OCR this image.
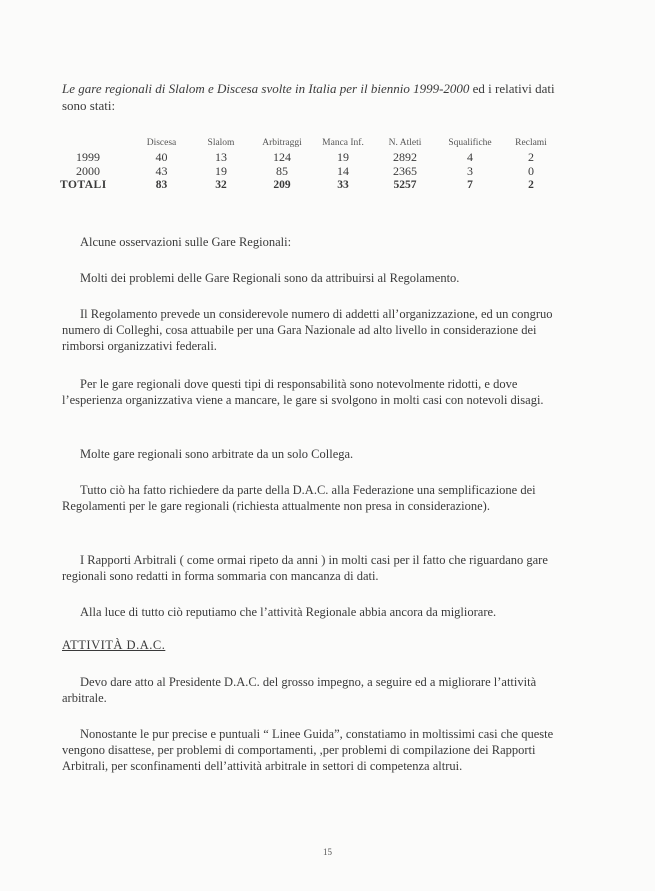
Le gare regionali di Slalom e Discesa svolte in Italia per il biennio 1999-2000 ed i relativi dati sono stati:
	Discesa	Slalom	Arbitraggi	Manca Inf.	N. Atleti	Squalifiche	Reclami
1999	40	13	124	19	2892	4	2
2000	43	19	85	14	2365	3	0
TOTALI	83	32	209	33	5257	7	2
Alcune osservazioni sulle Gare Regionali:
Molti dei problemi delle Gare Regionali sono da attribuirsi al Regolamento.
Il Regolamento prevede un considerevole numero di addetti all’organizzazione, ed un congruo numero di Colleghi, cosa attuabile per una Gara Nazionale ad alto livello in considerazione dei rimborsi organizzativi federali.
Per le gare regionali dove questi tipi di responsabilità sono notevolmente ridotti, e dove l’esperienza organizzativa viene a mancare, le gare si svolgono in molti casi con notevoli disagi.
Molte gare regionali sono arbitrate da un solo Collega.
Tutto ciò ha fatto richiedere da parte della D.A.C. alla Federazione una semplificazione dei Regolamenti per le gare regionali (richiesta attualmente non presa in considerazione).
I Rapporti Arbitrali ( come ormai ripeto da anni ) in molti casi per il fatto che riguardano gare regionali sono redatti in forma sommaria con mancanza di dati.
Alla luce di tutto ciò reputiamo che l’attività Regionale abbia ancora da migliorare.
ATTIVITÀ D.A.C.
Devo dare atto al Presidente D.A.C. del grosso impegno, a seguire ed a migliorare l’attività arbitrale.
Nonostante le pur precise e puntuali “ Linee Guida”, constatiamo in moltissimi casi che queste vengono disattese, per problemi di comportamenti, ,per problemi di compilazione dei Rapporti Arbitrali, per sconfinamenti dell’attività arbitrale in settori di competenza altrui.
15
